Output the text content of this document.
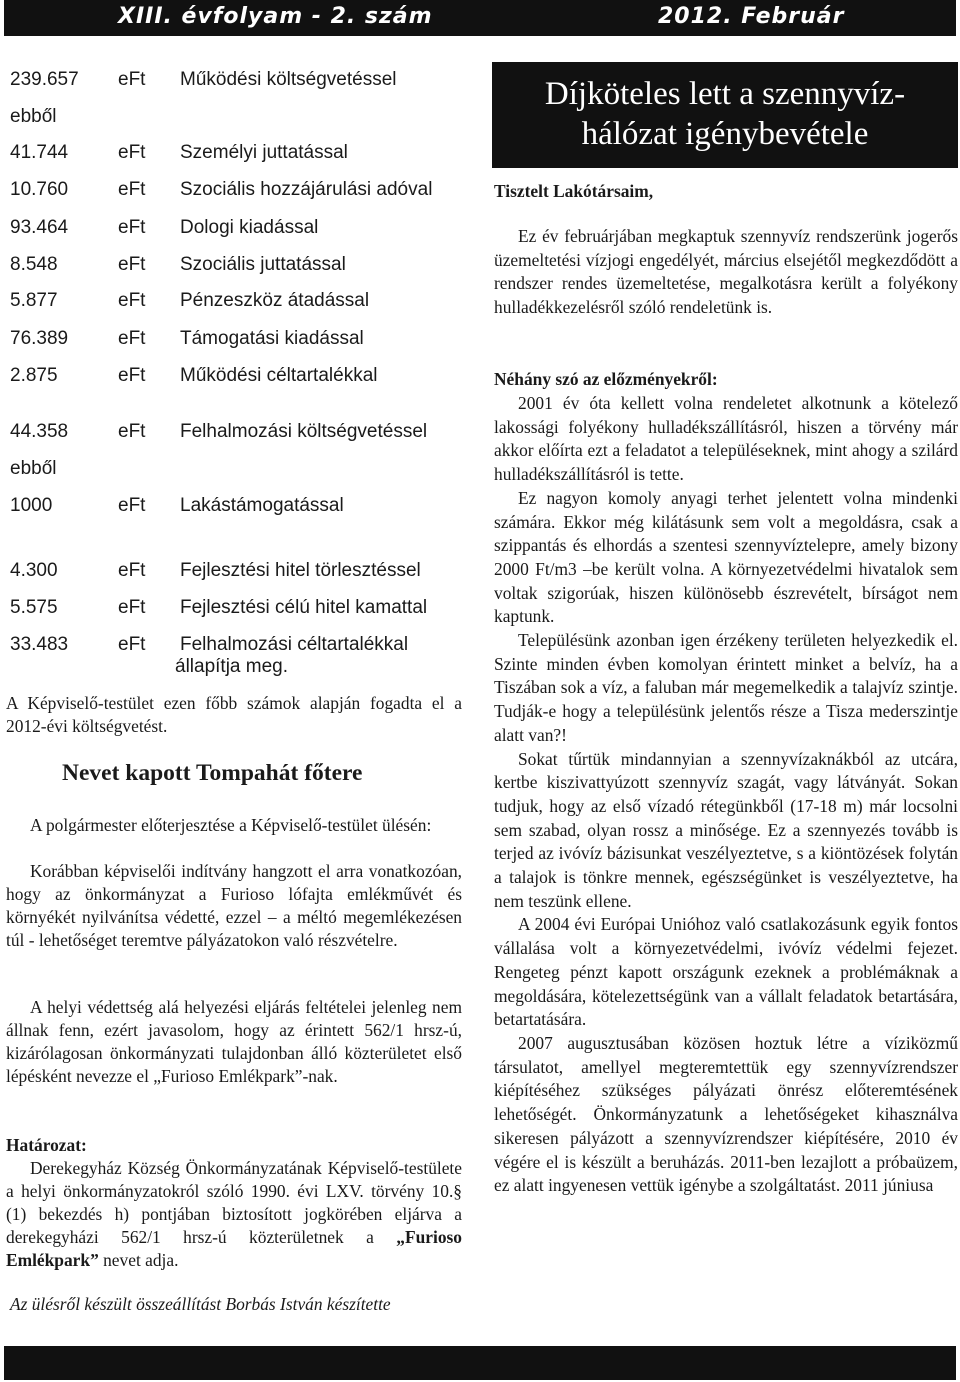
XIII. évfolyam - 2. szám	2012. Február
239.657 eFt Működési költségvetéssel
ebből
41.744	eFt Személyi juttatással
10.760	eFt Szociális hozzájárulási adóval
93.464	eFt Dologi kiadással
8.548	eFt Szociális juttatással
5.877	eFt Pénzeszköz átadással
76.389	eFt Támogatási kiadással
2.875	eFt Működési céltartalékkal
44.358	eFt Felhalmozási költségvetéssel
ebből
1000	eFt Lakástámogatással
4.300	eFt Fejlesztési hitel törlesztéssel
5.575	eFt Fejlesztési célú hitel kamattal
33.483	eFt Felhalmozási céltartalékkal
állapítja meg.

A Képviselő-testület ezen főbb számok alapján fogadta el a 2012-évi költségvetést.

Nevet kapott Tompahát főtere

A polgármester előterjesztése a Képviselő-testület ülésén:

Korábban képviselői indítvány hangzott el arra vonatkozóan, hogy az önkormányzat a Furioso lófajta emlékművét és környékét nyilvánítsa védetté, ezzel – a méltó megemlékezésen túl - lehetőséget teremtve pályázatokon való részvételre.

A helyi védettség alá helyezési eljárás feltételei jelenleg nem állnak fenn, ezért javasolom, hogy az érintett 562/1 hrsz-ú, kizárólagosan önkormányzati tulajdonban álló közterületet első lépésként nevezze el „Furioso Emlékpark”-nak.

Határozat:

Derekegyház Község Önkormányzatának Képviselő-testülete a helyi önkormányzatokról szóló 1990. évi LXV. törvény 10.§ (1) bekezdés h) pontjában biztosított jogkörében eljárva a derekegyházi 562/1 hrsz-ú közterületnek a „Furioso Emlékpark” nevet adja.

Az ülésről készült összeállítást Borbás István készítette
Díjköteles lett a szennyvíz-
hálózat igénybevétele
Tisztelt Lakótársaim,

Ez év februárjában megkaptuk szennyvíz rendszerünk jogerős üzemeltetési vízjogi engedélyét, március elsejétől megkezdődött a rendszer rendes üzemeltetése, megalkotásra került a folyékony hulladékkezelésről szóló rendeletünk is.

Néhány szó az előzményekről:

2001 év óta kellett volna rendeletet alkotnunk a kötelező lakossági folyékony hulladékszállításról, hiszen a törvény már akkor előírta ezt a feladatot a településeknek, mint ahogy a szilárd hulladékszállításról is tette.

Ez nagyon komoly anyagi terhet jelentett volna mindenki számára. Ekkor még kilátásunk sem volt a megoldásra, csak a szippantás és elhordás a szentesi szennyvíztelepre, amely bizony 2000 Ft/m3 –be került volna. A környezetvédelmi hivatalok sem voltak szigorúak, hiszen különösebb észrevételt, bírságot nem kaptunk.

Településünk azonban igen érzékeny területen helyezkedik el. Szinte minden évben komolyan érintett minket a belvíz, ha a Tiszában sok a víz, a faluban már megemelkedik a talajvíz szintje. Tudják-e hogy a településünk jelentős része a Tisza mederszintje alatt van?!

Sokat tűrtük mindannyian a szennyvízaknákból az utcára, kertbe kiszivattyúzott szennyvíz szagát, vagy látványát. Sokan tudjuk, hogy az első vízadó rétegünkből (17-18 m) már locsolni sem szabad, olyan rossz a minősége. Ez a szennyezés tovább is terjed az ivóvíz bázisunkat veszélyeztetve, s a kiöntözések folytán a talajok is tönkre mennek, egészségünket is veszélyeztetve, ha nem teszünk ellene.

A 2004 évi Európai Unióhoz való csatlakozásunk egyik fontos vállalása volt a környezetvédelmi, ivóvíz védelmi fejezet. Rengeteg pénzt kapott országunk ezeknek a problémáknak a megoldására, kötelezettségünk van a vállalt feladatok betartására, betartatására.

2007 augusztusában közösen hoztuk létre a víziközmű társulatot, amellyel megteremtettük egy szennyvízrendszer kiépítéséhez szükséges pályázati önrész előteremtésének lehetőségét. Önkormányzatunk a lehetőségeket kihasználva sikeresen pályázott a szennyvízrendszer kiépítésére, 2010 év végére el is készült a beruházás. 2011-ben lezajlott a próbaüzem, ez alatt ingyenesen vettük igénybe a szolgáltatást. 2011 júniusa
